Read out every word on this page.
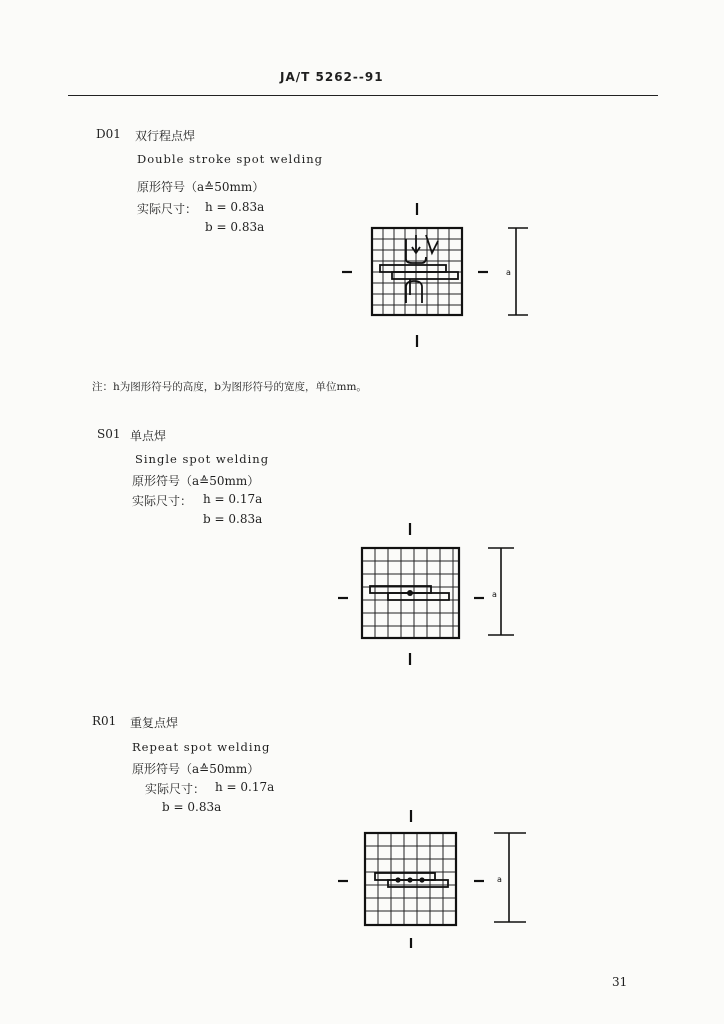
JA/T 5262--91
D01 双行程点焊
Double stroke spot welding
原形符号（a≙50mm）
实际尺寸： h = 0.83a
b = 0.83a
a
注：h为图形符号的高度，b为图形符号的宽度，单位mm。
S01 单点焊
Single spot welding
原形符号（a≙50mm）
实际尺寸： h = 0.17a
b = 0.83a
a
R01 重复点焊
Repeat spot welding
原形符号（a≙50mm）
实际尺寸： h = 0.17a
b = 0.83a
a
31
